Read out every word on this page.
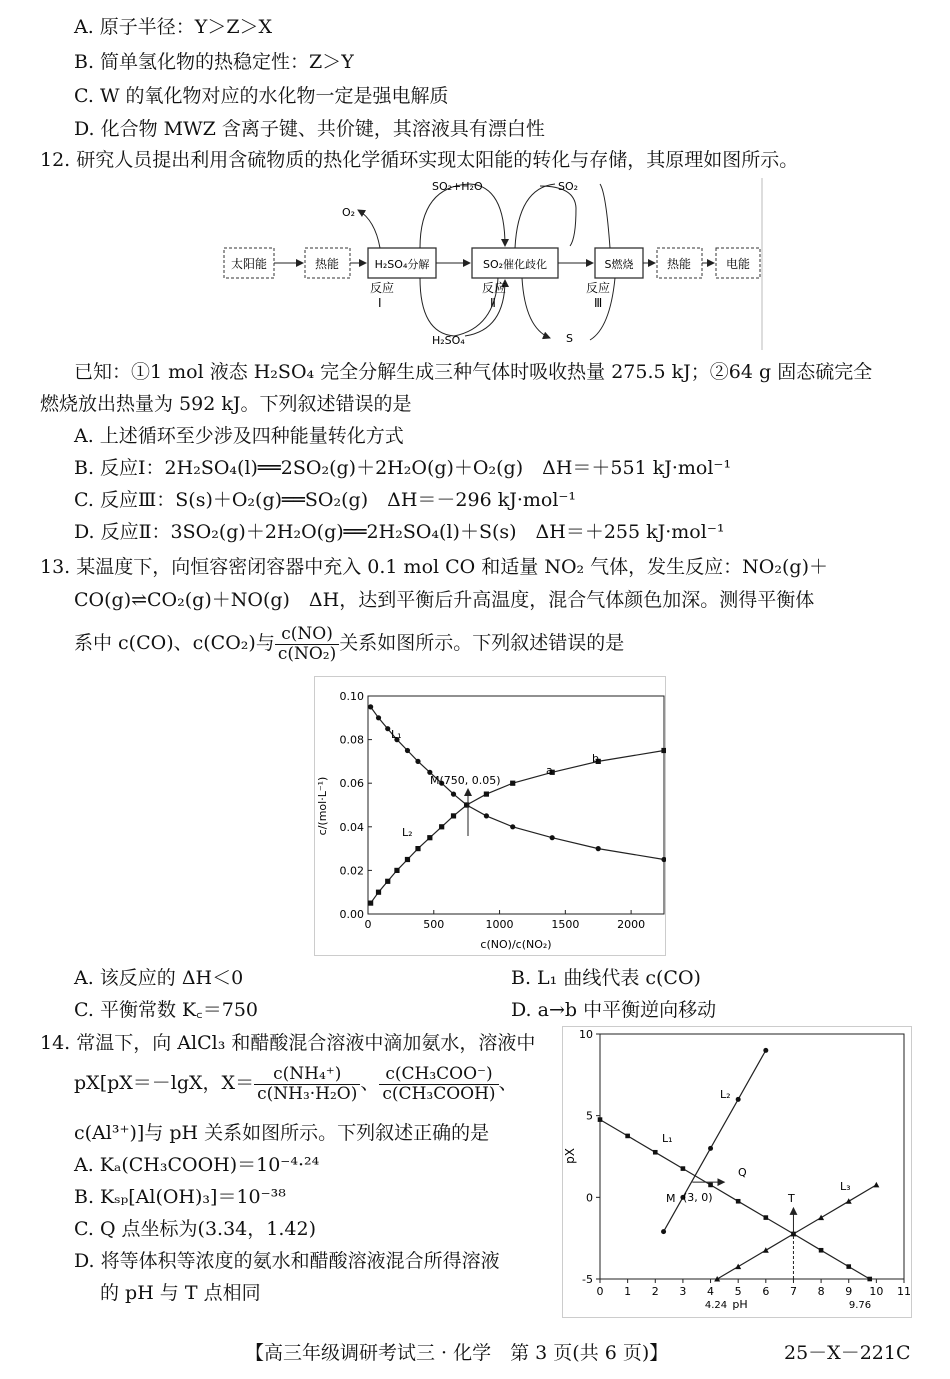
A. 原子半径：Y＞Z＞X
B. 简单氢化物的热稳定性：Z＞Y
C. W 的氧化物对应的水化物一定是强电解质
D. 化合物 MWZ 含离子键、共价键，其溶液具有漂白性
12. 研究人员提出利用含硫物质的热化学循环实现太阳能的转化与存储，其原理如图所示。
太阳能	热能	H₂SO₄分解	SO₂催化歧化	S燃烧	热能	电能
O₂
SO₂+H₂O	SO₂
H₂SO₄	S
反应
Ⅰ
反应
Ⅱ
反应
Ⅲ
已知：①1 mol 液态 H₂SO₄ 完全分解生成三种气体时吸收热量 275.5 kJ；②64 g 固态硫完全
燃烧放出热量为 592 kJ。下列叙述错误的是
A. 上述循环至少涉及四种能量转化方式
B. 反应Ⅰ：2H₂SO₄(l)══2SO₂(g)＋2H₂O(g)＋O₂(g)　ΔH＝＋551 kJ·mol⁻¹
C. 反应Ⅲ：S(s)＋O₂(g)══SO₂(g)　ΔH＝－296 kJ·mol⁻¹
D. 反应Ⅱ：3SO₂(g)＋2H₂O(g)══2H₂SO₄(l)＋S(s)　ΔH＝＋255 kJ·mol⁻¹
13. 某温度下，向恒容密闭容器中充入 0.1 mol CO 和适量 NO₂ 气体，发生反应：NO₂(g)＋
CO(g)⇌CO₂(g)＋NO(g)　ΔH，达到平衡后升高温度，混合气体颜色加深。测得平衡体
系中 c(CO)、c(CO₂)与 $\frac{c(NO)}{\text{c(NO₂)}}$ 关系如图所示。下列叙述错误的是
0	500	1000	1500	2000
0.00
0.02
0.04
0.06
0.08
0.10
c/(mol·L⁻¹)
c(NO)/c(NO₂)
L₁
L₂
M(750, 0.05)
a
b
A. 该反应的 ΔH＜0	B. L₁ 曲线代表 c(CO)
C. 平衡常数 K꜀＝750	D. a→b 中平衡逆向移动
14. 常温下，向 AlCl₃ 和醋酸混合溶液中滴加氨水，溶液中
pX[pX＝－lgX，$X= \frac{\text{c(NH₄⁺)}}{\text{c(NH₃·H₂O)}}$ 、 $\frac{\text{c(CH₃COO⁻)}}{\text{c(CH₃COOH)}}$ 、
c(Al³⁺)]与 pH 关系如图所示。下列叙述正确的是
A. Kₐ(CH₃COOH)＝10⁻⁴·²⁴
B. Kₛₚ[Al(OH)₃]＝10⁻³⁸
C. Q 点坐标为(3.34，1.42)
D. 将等体积等浓度的氨水和醋酸溶液混合所得溶液
的 pH 与 T 点相同	0 1 2 3 4 5 6 7 8 9 10 11
-5
0
5
10
pX
pH
L₁
L₂
L₃
M (3, 0)
Q
T
4.24	9.76
【高三年级调研考试三 · 化学　第 3 页(共 6 页)】	25－X－221C
